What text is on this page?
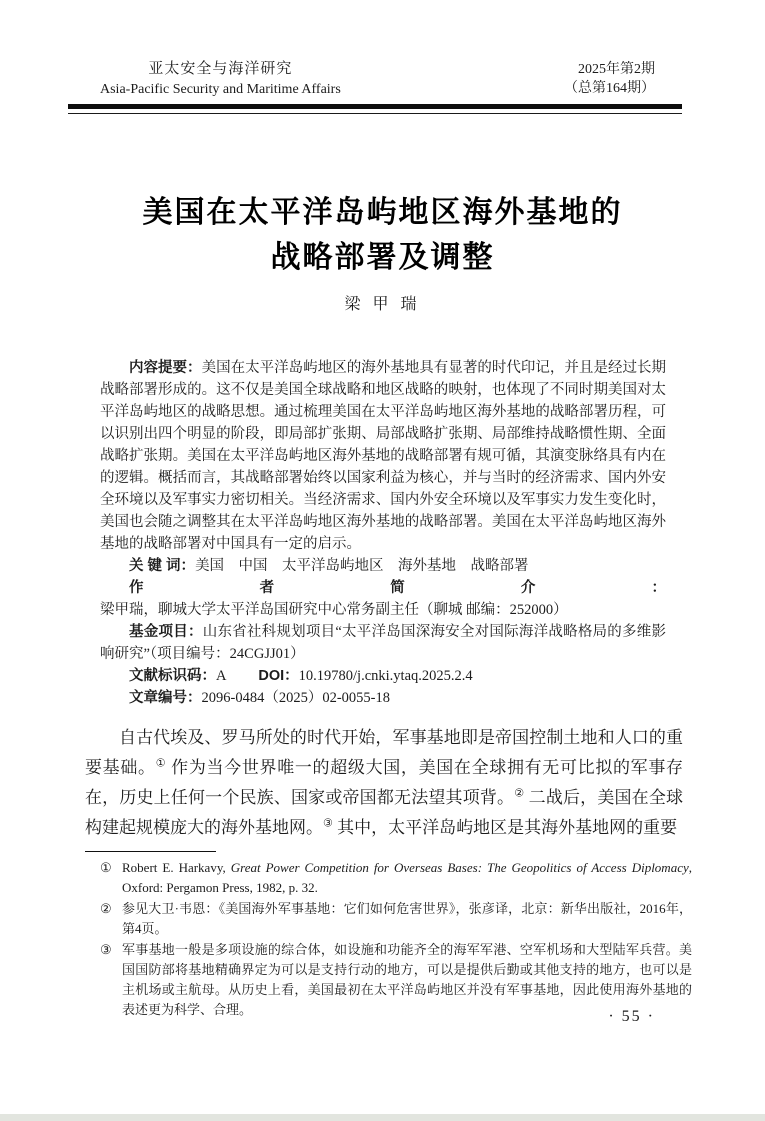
亚太安全与海洋研究
Asia-Pacific Security and Maritime Affairs
2025年第2期
（总第164期）
美国在太平洋岛屿地区海外基地的
战略部署及调整
梁 甲 瑞

内容提要：美国在太平洋岛屿地区的海外基地具有显著的时代印记，并且是经过长期战略部署形成的。这不仅是美国全球战略和地区战略的映射，也体现了不同时期美国对太平洋岛屿地区的战略思想。通过梳理美国在太平洋岛屿地区海外基地的战略部署历程，可以识别出四个明显的阶段，即局部扩张期、局部战略扩张期、局部维持战略惯性期、全面战略扩张期。美国在太平洋岛屿地区海外基地的战略部署有规可循，其演变脉络具有内在的逻辑。概括而言，其战略部署始终以国家利益为核心，并与当时的经济需求、国内外安全环境以及军事实力密切相关。当经济需求、国内外安全环境以及军事实力发生变化时，美国也会随之调整其在太平洋岛屿地区海外基地的战略部署。美国在太平洋岛屿地区海外基地的战略部署对中国具有一定的启示。

关 键 词：美国　中国　太平洋岛屿地区　海外基地　战略部署

作者简介：梁甲瑞，聊城大学太平洋岛国研究中心常务副主任（聊城 邮编：252000）

基金项目：山东省社科规划项目“太平洋岛国深海安全对国际海洋战略格局的多维影响研究”（项目编号：24CGJJ01）

文献标识码：A DOI：10.19780/j.cnki.ytaq.2025.2.4

文章编号：2096-0484（2025）02-0055-18

自古代埃及、罗马所处的时代开始，军事基地即是帝国控制土地和人口的重要基础。① 作为当今世界唯一的超级大国，美国在全球拥有无可比拟的军事存在，历史上任何一个民族、国家或帝国都无法望其项背。② 二战后，美国在全球构建起规模庞大的海外基地网。③ 其中，太平洋岛屿地区是其海外基地网的重要

① Robert E. Harkavy, Great Power Competition for Overseas Bases: The Geopolitics of Access Diplomacy, Oxford: Pergamon Press, 1982, p. 32.
② 参见大卫·韦恩：《美国海外军事基地：它们如何危害世界》，张彦译，北京：新华出版社，2016年，第4页。
③ 军事基地一般是多项设施的综合体，如设施和功能齐全的海军军港、空军机场和大型陆军兵营。美国国防部将基地精确界定为可以是支持行动的地方，可以是提供后勤或其他支持的地方，也可以是主机场或主航母。从历史上看，美国最初在太平洋岛屿地区并没有军事基地，因此使用海外基地的表述更为科学、合理。	· 55 ·
